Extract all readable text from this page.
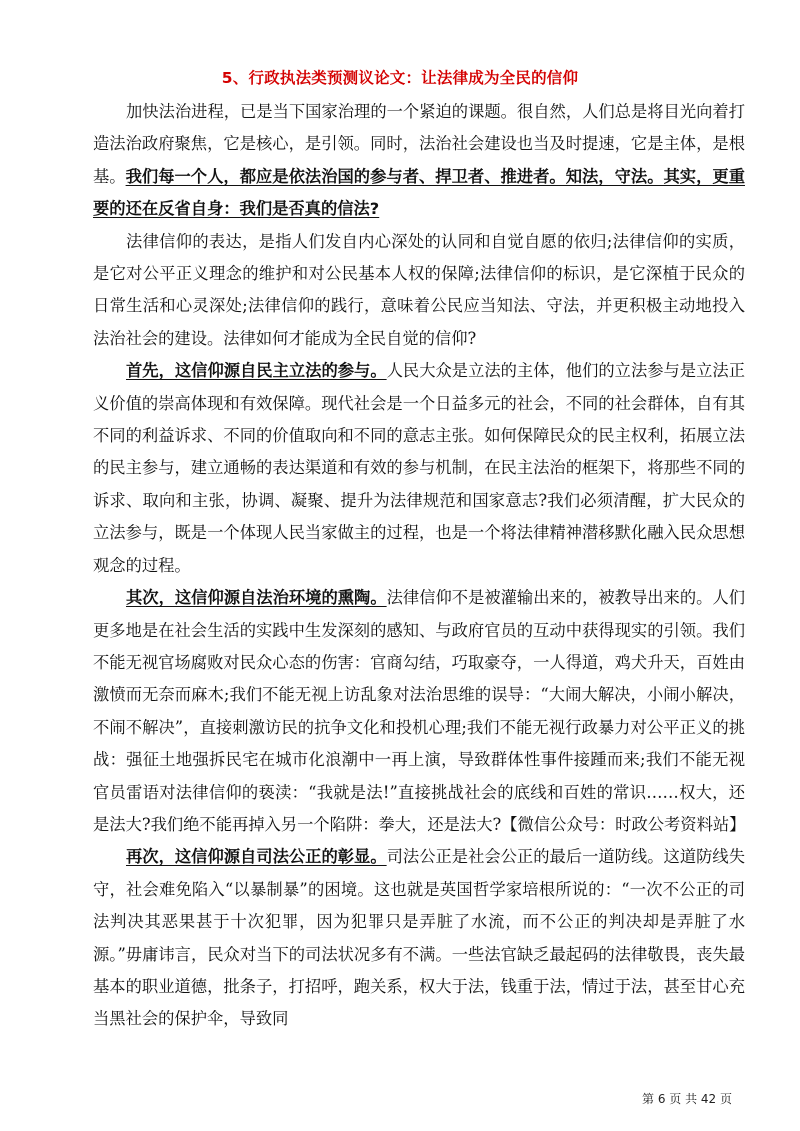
5、行政执法类预测议论文：让法律成为全民的信仰

加快法治进程，已是当下国家治理的一个紧迫的课题。很自然，人们总是将目光向着打造法治政府聚焦，它是核心，是引领。同时，法治社会建设也当及时提速，它是主体，是根基。我们每一个人，都应是依法治国的参与者、捍卫者、推进者。知法，守法。其实，更重要的还在反省自身：我们是否真的信法?

法律信仰的表达，是指人们发自内心深处的认同和自觉自愿的依归;法律信仰的实质，是它对公平正义理念的维护和对公民基本人权的保障;法律信仰的标识，是它深植于民众的日常生活和心灵深处;法律信仰的践行，意味着公民应当知法、守法，并更积极主动地投入法治社会的建设。法律如何才能成为全民自觉的信仰?

首先，这信仰源自民主立法的参与。人民大众是立法的主体，他们的立法参与是立法正义价值的崇高体现和有效保障。现代社会是一个日益多元的社会，不同的社会群体，自有其不同的利益诉求、不同的价值取向和不同的意志主张。如何保障民众的民主权利，拓展立法的民主参与，建立通畅的表达渠道和有效的参与机制，在民主法治的框架下，将那些不同的诉求、取向和主张，协调、凝聚、提升为法律规范和国家意志?我们必须清醒，扩大民众的立法参与，既是一个体现人民当家做主的过程，也是一个将法律精神潜移默化融入民众思想观念的过程。

其次，这信仰源自法治环境的熏陶。法律信仰不是被灌输出来的，被教导出来的。人们更多地是在社会生活的实践中生发深刻的感知、与政府官员的互动中获得现实的引领。我们不能无视官场腐败对民众心态的伤害：官商勾结，巧取豪夺，一人得道，鸡犬升天，百姓由激愤而无奈而麻木;我们不能无视上访乱象对法治思维的误导：“大闹大解决，小闹小解决，不闹不解决”，直接刺激访民的抗争文化和投机心理;我们不能无视行政暴力对公平正义的挑战：强征土地强拆民宅在城市化浪潮中一再上演，导致群体性事件接踵而来;我们不能无视官员雷语对法律信仰的亵渎：“我就是法!”直接挑战社会的底线和百姓的常识……权大，还是法大?我们绝不能再掉入另一个陷阱：拳大，还是法大?【微信公众号：时政公考资料站】

再次，这信仰源自司法公正的彰显。司法公正是社会公正的最后一道防线。这道防线失守，社会难免陷入“以暴制暴”的困境。这也就是英国哲学家培根所说的：“一次不公正的司法判决其恶果甚于十次犯罪，因为犯罪只是弄脏了水流，而不公正的判决却是弄脏了水源。”毋庸讳言，民众对当下的司法状况多有不满。一些法官缺乏最起码的法律敬畏，丧失最基本的职业道德，批条子，打招呼，跑关系，权大于法，钱重于法，情过于法，甚至甘心充当黑社会的保护伞，导致同

第 6 页 共 42 页
